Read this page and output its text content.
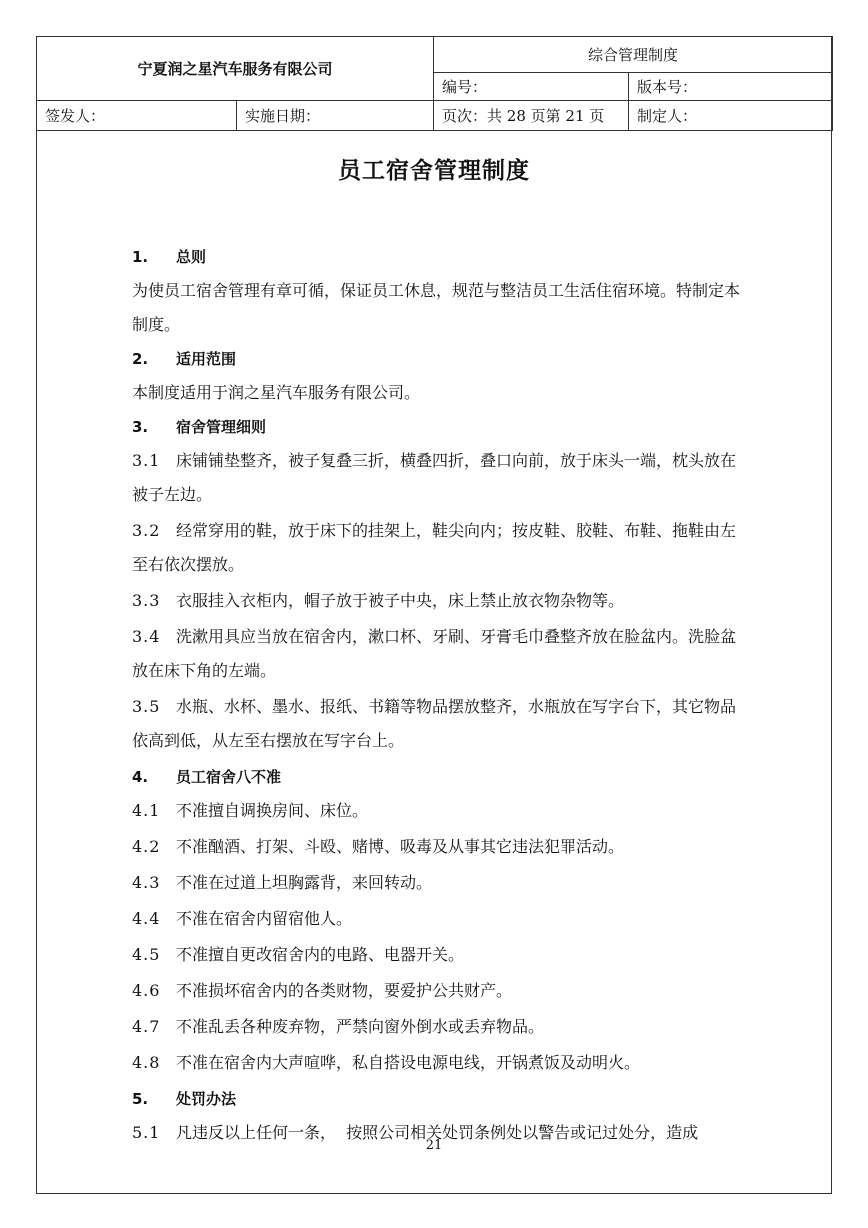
宁夏润之星汽车服务有限公司		综合管理制度	
		编号：	版本号：
签发人：	实施日期：	页次：共 28 页第 21 页	制定人：
员工宿舍管理制度
1. 总则
为使员工宿舍管理有章可循，保证员工休息，规范与整洁员工生活住宿环境。特制定本制度。
2. 适用范围
本制度适用于润之星汽车服务有限公司。
3. 宿舍管理细则
3.1 床铺铺垫整齐，被子复叠三折，横叠四折，叠口向前，放于床头一端，枕头放在被子左边。
3.2 经常穿用的鞋，放于床下的挂架上，鞋尖向内；按皮鞋、胶鞋、布鞋、拖鞋由左至右依次摆放。
3.3 衣服挂入衣柜内，帽子放于被子中央，床上禁止放衣物杂物等。
3.4 洗漱用具应当放在宿舍内，漱口杯、牙刷、牙膏毛巾叠整齐放在脸盆内。洗脸盆放在床下角的左端。
3.5 水瓶、水杯、墨水、报纸、书籍等物品摆放整齐，水瓶放在写字台下，其它物品依高到低，从左至右摆放在写字台上。
4. 员工宿舍八不准
4.1 不准擅自调换房间、床位。
4.2 不准酗酒、打架、斗殴、赌博、吸毒及从事其它违法犯罪活动。
4.3 不准在过道上坦胸露背，来回转动。
4.4 不准在宿舍内留宿他人。
4.5 不准擅自更改宿舍内的电路、电器开关。
4.6 不准损坏宿舍内的各类财物，要爱护公共财产。
4.7 不准乱丢各种废弃物，严禁向窗外倒水或丢弃物品。
4.8 不准在宿舍内大声喧哗，私自搭设电源电线，开锅煮饭及动明火。
5. 处罚办法
5.1 凡违反以上任何一条，  按照公司相关处罚条例处以警告或记过处分，造成
21
